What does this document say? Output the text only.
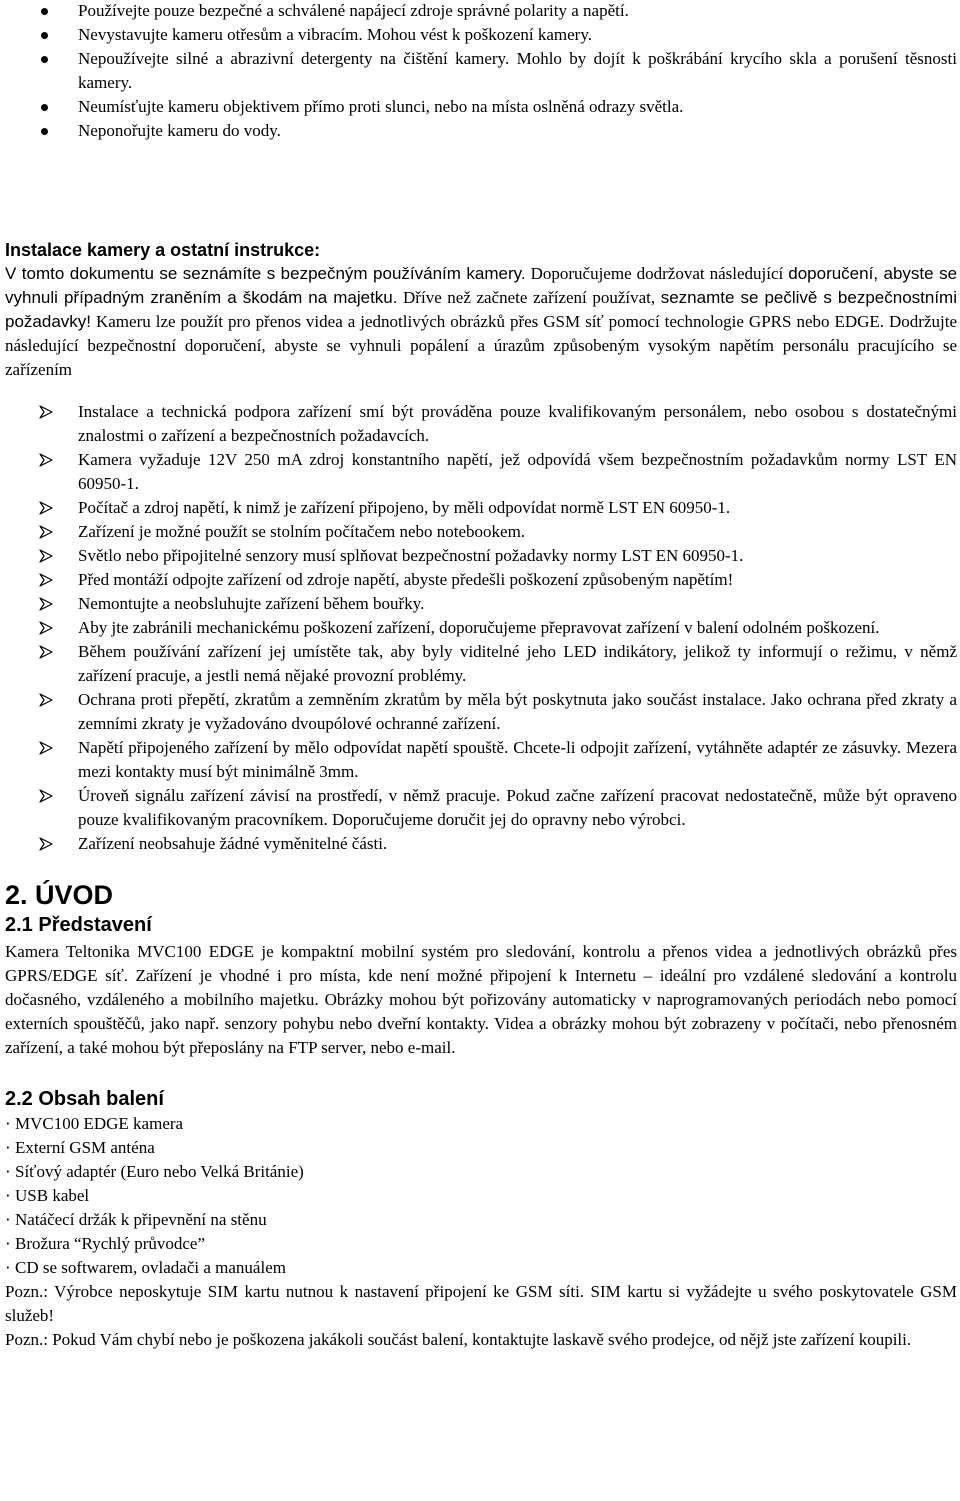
Používejte pouze bezpečné a schválené napájecí zdroje správné polarity a napětí.
Nevystavujte kameru otřesům a vibracím. Mohou vést k poškození kamery.
Nepoužívejte silné a abrazivní detergenty na čištění kamery. Mohlo by dojít k poškrábání krycího skla a porušení těsnosti kamery.
Neumísťujte kameru objektivem přímo proti slunci, nebo na místa oslněná odrazy světla.
Neponořujte kameru do vody.
Instalace kamery a ostatní instrukce:

V tomto dokumentu se seznámíte s bezpečným používáním kamery. Doporučujeme dodržovat následující doporučení, abyste se vyhnuli případným zraněním a škodám na majetku. Dříve než začnete zařízení používat, seznamte se pečlivě s bezpečnostními požadavky! Kameru lze použít pro přenos videa a jednotlivých obrázků přes GSM síť pomocí technologie GPRS nebo EDGE. Dodržujte následující bezpečnostní doporučení, abyste se vyhnuli popálení a úrazům způsobeným vysokým napětím personálu pracujícího se zařízením

Instalace a technická podpora zařízení smí být prováděna pouze kvalifikovaným personálem, nebo osobou s dostatečnými znalostmi o zařízení a bezpečnostních požadavcích.
Kamera vyžaduje 12V 250 mA zdroj konstantního napětí, jež odpovídá všem bezpečnostním požadavkům normy LST EN 60950-1.
Počítač a zdroj napětí, k nimž je zařízení připojeno, by měli odpovídat normě LST EN 60950-1.
Zařízení je možné použít se stolním počítačem nebo notebookem.
Světlo nebo připojitelné senzory musí splňovat bezpečnostní požadavky normy LST EN 60950-1.
Před montáží odpojte zařízení od zdroje napětí, abyste předešli poškození způsobeným napětím!
Nemontujte a neobsluhujte zařízení během bouřky.
Aby jte zabránili mechanickému poškození zařízení, doporučujeme přepravovat zařízení v balení odolném poškození.
Během používání zařízení jej umístěte tak, aby byly viditelné jeho LED indikátory, jelikož ty informují o režimu, v němž zařízení pracuje, a jestli nemá nějaké provozní problémy.
Ochrana proti přepětí, zkratům a zemněním zkratům by měla být poskytnuta jako součást instalace. Jako ochrana před zkraty a zemními zkraty je vyžadováno dvoupólové ochranné zařízení.
Napětí připojeného zařízení by mělo odpovídat napětí spouště. Chcete-li odpojit zařízení, vytáhněte adaptér ze zásuvky. Mezera mezi kontakty musí být minimálně 3mm.
Úroveň signálu zařízení závisí na prostředí, v němž pracuje. Pokud začne zařízení pracovat nedostatečně, může být opraveno pouze kvalifikovaným pracovníkem. Doporučujeme doručit jej do opravny nebo výrobci.
Zařízení neobsahuje žádné vyměnitelné části.
2. ÚVOD
2.1 Představení

Kamera Teltonika MVC100 EDGE je kompaktní mobilní systém pro sledování, kontrolu a přenos videa a jednotlivých obrázků přes GPRS/EDGE síť. Zařízení je vhodné i pro místa, kde není možné připojení k Internetu – ideální pro vzdálené sledování a kontrolu dočasného, vzdáleného a mobilního majetku. Obrázky mohou být pořizovány automaticky v naprogramovaných periodách nebo pomocí externích spouštěčů, jako např. senzory pohybu nebo dveřní kontakty. Videa a obrázky mohou být zobrazeny v počítači, nebo přenosném zařízení, a také mohou být přeposlány na FTP server, nebo e-mail.

2.2 Obsah balení
· MVC100 EDGE kamera
· Externí GSM anténa
· Síťový adaptér (Euro nebo Velká Británie)
· USB kabel
· Natáčecí držák k připevnění na stěnu
· Brožura “Rychlý průvodce”
· CD se softwarem, ovladači a manuálem

Pozn.: Výrobce neposkytuje SIM kartu nutnou k nastavení připojení ke GSM síti. SIM kartu si vyžádejte u svého poskytovatele GSM služeb!

Pozn.: Pokud Vám chybí nebo je poškozena jakákoli součást balení, kontaktujte laskavě svého prodejce, od nějž jste zařízení koupili.
